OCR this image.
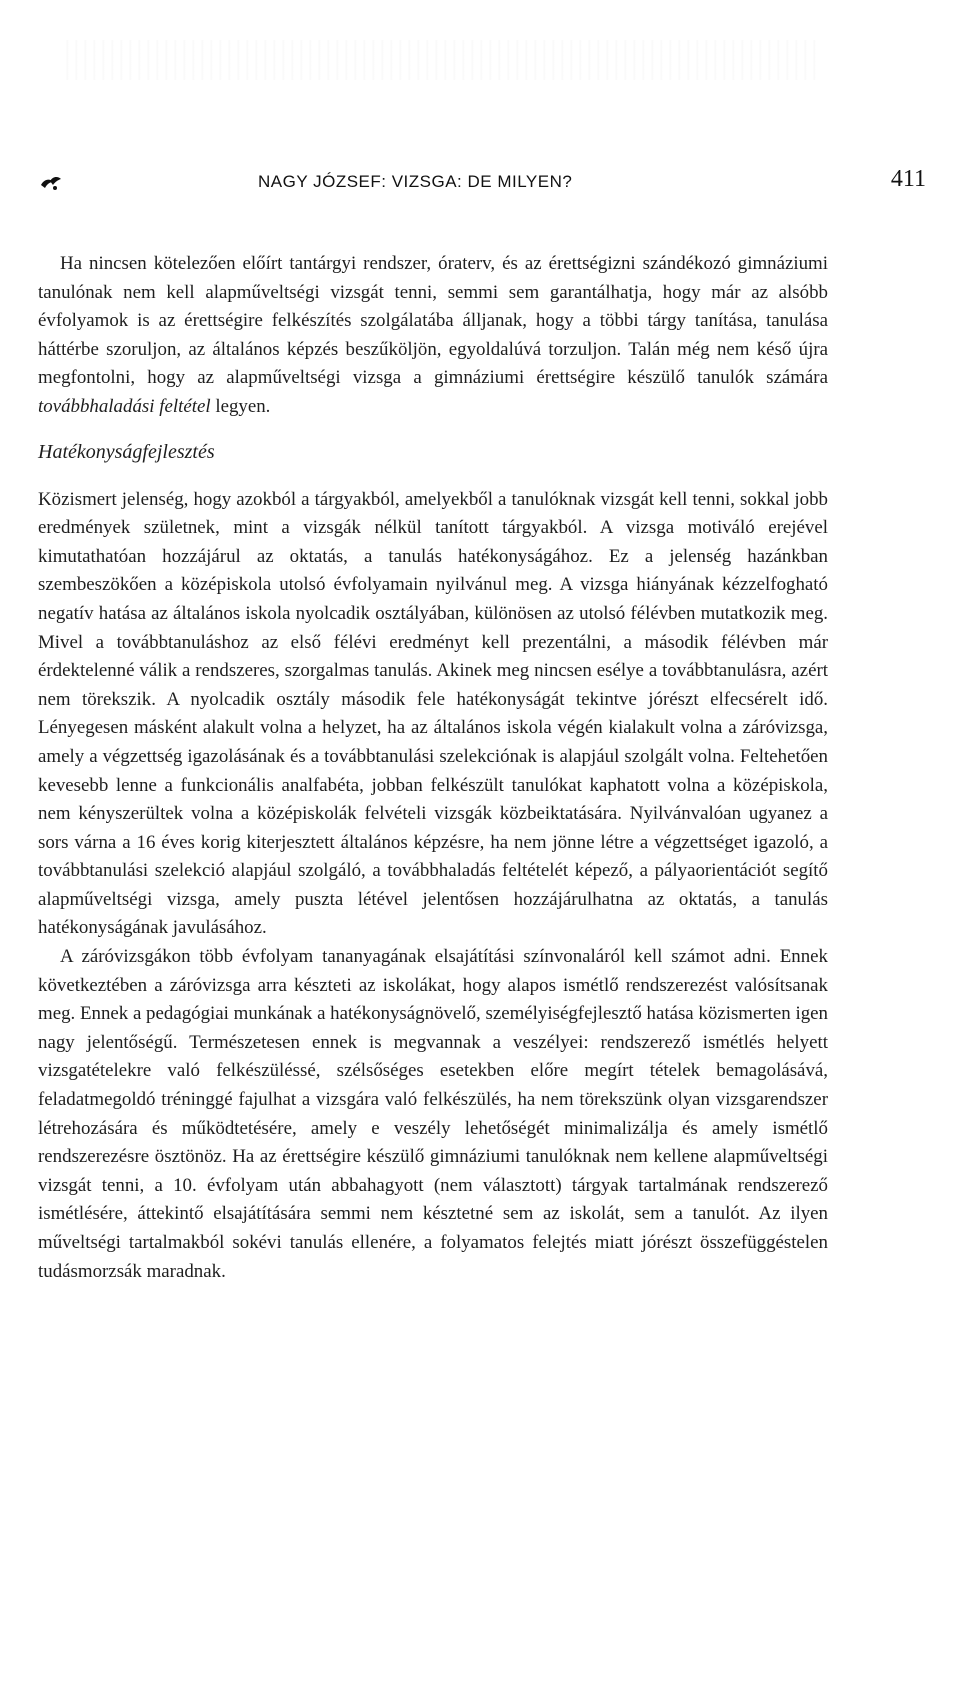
NAGY JÓZSEF: VIZSGA: DE MILYEN?	411

Ha nincsen kötelezően előírt tantárgyi rendszer, óraterv, és az érettségizni szándékozó gimnáziumi tanulónak nem kell alapműveltségi vizsgát tenni, semmi sem garantálhatja, hogy már az alsóbb évfolyamok is az érettségire felkészítés szolgálatába álljanak, hogy a többi tárgy tanítása, tanulása háttérbe szoruljon, az általános képzés beszűköljön, egyoldalúvá torzuljon. Talán még nem késő újra megfontolni, hogy az alapműveltségi vizsga a gimnáziumi érettségire készülő tanulók számára továbbhaladási feltétel legyen.

Hatékonyságfejlesztés

Közismert jelenség, hogy azokból a tárgyakból, amelyekből a tanulóknak vizsgát kell tenni, sokkal jobb eredmények születnek, mint a vizsgák nélkül tanított tárgyakból. A vizsga motiváló erejével kimutathatóan hozzájárul az oktatás, a tanulás hatékonyságához. Ez a jelenség hazánkban szembeszökően a középiskola utolsó évfolyamain nyilvánul meg. A vizsga hiányának kézzelfogható negatív hatása az általános iskola nyolcadik osztályában, különösen az utolsó félévben mutatkozik meg. Mivel a továbbtanuláshoz az első félévi eredményt kell prezentálni, a második félévben már érdektelenné válik a rendszeres, szorgalmas tanulás. Akinek meg nincsen esélye a továbbtanulásra, azért nem törekszik. A nyolcadik osztály második fele hatékonyságát tekintve jórészt elfecsérelt idő. Lényegesen másként alakult volna a helyzet, ha az általános iskola végén kialakult volna a záróvizsga, amely a végzettség igazolásának és a továbbtanulási szelekciónak is alapjául szolgált volna. Feltehetően kevesebb lenne a funkcionális analfabéta, jobban felkészült tanulókat kaphatott volna a középiskola, nem kényszerültek volna a középiskolák felvételi vizsgák közbeiktatására. Nyilvánvalóan ugyanez a sors várna a 16 éves korig kiterjesztett általános képzésre, ha nem jönne létre a végzettséget igazoló, a továbbtanulási szelekció alapjául szolgáló, a továbbhaladás feltételét képező, a pályaorientációt segítő alapműveltségi vizsga, amely puszta létével jelentősen hozzájárulhatna az oktatás, a tanulás hatékonyságának javulásához.

A záróvizsgákon több évfolyam tananyagának elsajátítási színvonaláról kell számot adni. Ennek következtében a záróvizsga arra készteti az iskolákat, hogy alapos ismétlő rendszerezést valósítsanak meg. Ennek a pedagógiai munkának a hatékonyságnövelő, személyiségfejlesztő hatása közismerten igen nagy jelentőségű. Természetesen ennek is megvannak a veszélyei: rendszerező ismétlés helyett vizsgatételekre való felkészüléssé, szélsőséges esetekben előre megírt tételek bemagolásává, feladatmegoldó tréninggé fajulhat a vizsgára való felkészülés, ha nem törekszünk olyan vizsgarendszer létrehozására és működtetésére, amely e veszély lehetőségét minimalizálja és amely ismétlő rendszerezésre ösztönöz. Ha az érettségire készülő gimnáziumi tanulóknak nem kellene alapműveltségi vizsgát tenni, a 10. évfolyam után abbahagyott (nem választott) tárgyak tartalmának rendszerező ismétlésére, áttekintő elsajátítására semmi nem késztetné sem az iskolát, sem a tanulót. Az ilyen műveltségi tartalmakból sokévi tanulás ellenére, a folyamatos felejtés miatt jórészt összefüggéstelen tudásmorzsák maradnak.
